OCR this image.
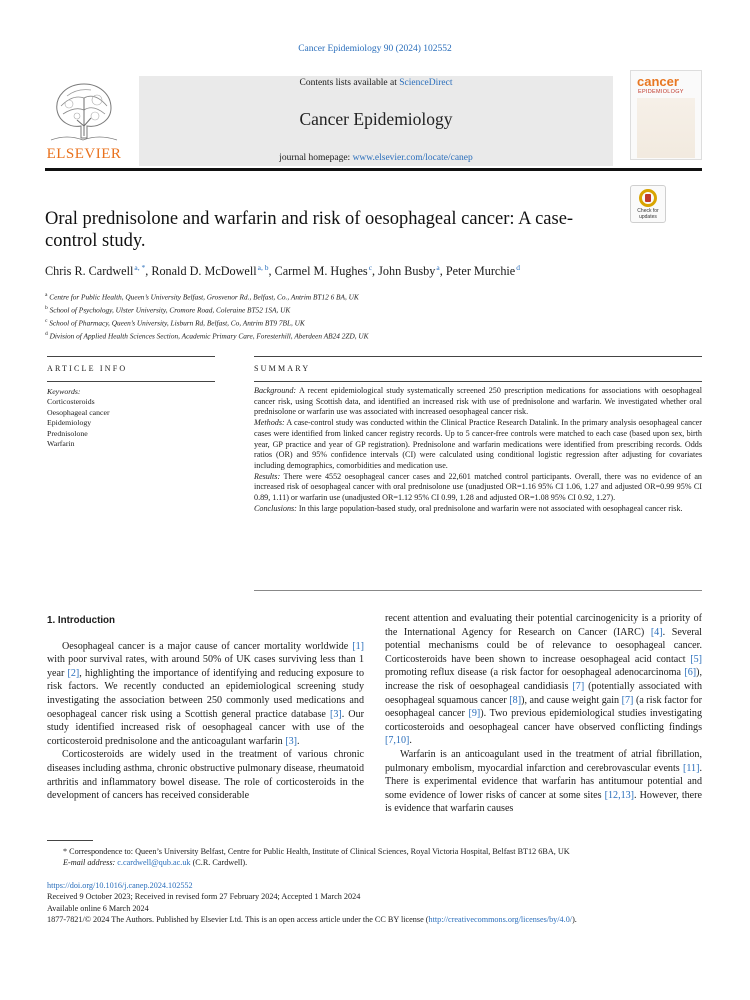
Cancer Epidemiology 90 (2024) 102552
ELSEVIER
Contents lists available at ScienceDirect
Cancer Epidemiology
journal homepage: www.elsevier.com/locate/canep
cancer
EPIDEMIOLOGY
Check for updates
Oral prednisolone and warfarin and risk of oesophageal cancer: A case-control study.
Chris R. Cardwell $^{a, *}$, Ronald D. McDowell $^{a, b}$, Carmel M. Hughes $^c$, John Busby $^a$, Peter Murchie $^d$
$^a$ Centre for Public Health, Queen’s University Belfast, Grosvenor Rd., Belfast, Co., Antrim BT12 6 BA, UK
$^b$ School of Psychology, Ulster University, Cromore Road, Coleraine BT52 1SA, UK
$^c$ School of Pharmacy, Queen’s University, Lisburn Rd, Belfast, Co, Antrim BT9 7BL, UK
$^d$ Division of Applied Health Sciences Section, Academic Primary Care, Foresterhill, Aberdeen AB24 2ZD, UK
ARTICLE INFO
Keywords:
Corticosteroids
Oesophageal cancer
Epidemiology
Prednisolone
Warfarin
SUMMARY

Background: A recent epidemiological study systematically screened 250 prescription medications for associations with oesophageal cancer risk, using Scottish data, and identified an increased risk with use of prednisolone and warfarin. We investigated whether oral prednisolone or warfarin use was associated with increased oesophageal cancer risk.

Methods: A case-control study was conducted within the Clinical Practice Research Datalink. In the primary analysis oesophageal cancer cases were identified from linked cancer registry records. Up to 5 cancer-free controls were matched to each case (based upon sex, birth year, GP practice and year of GP registration). Prednisolone and warfarin medications were identified from prescribing records. Odds ratios (OR) and 95% confidence intervals (CI) were calculated using conditional logistic regression after adjusting for covariates including demographics, comorbidities and medication use.

Results: There were 4552 oesophageal cancer cases and 22,601 matched control participants. Overall, there was no evidence of an increased risk of oesophageal cancer with oral prednisolone use (unadjusted OR=1.16 95% CI 1.06, 1.27 and adjusted OR=0.99 95% CI 0.89, 1.11) or warfarin use (unadjusted OR=1.12 95% CI 0.99, 1.28 and adjusted OR=1.08 95% CI 0.92, 1.27).

Conclusions: In this large population-based study, oral prednisolone and warfarin were not associated with oesophageal cancer risk.

1. Introduction

Oesophageal cancer is a major cause of cancer mortality worldwide [1] with poor survival rates, with around 50% of UK cases surviving less than 1 year [2], highlighting the importance of identifying and reducing exposure to risk factors. We recently conducted an epidemiological screening study investigating the association between 250 commonly used medications and oesophageal cancer risk using a Scottish general practice database [3]. Our study identified increased risk of oesophageal cancer with use of the corticosteroid prednisolone and the anticoagulant warfarin [3].

Corticosteroids are widely used in the treatment of various chronic diseases including asthma, chronic obstructive pulmonary disease, rheumatoid arthritis and inflammatory bowel disease. The role of corticosteroids in the development of cancers has received considerable

recent attention and evaluating their potential carcinogenicity is a priority of the International Agency for Research on Cancer (IARC) [4]. Several potential mechanisms could be of relevance to oesophageal cancer. Corticosteroids have been shown to increase oesophageal acid contact [5] promoting reflux disease (a risk factor for oesophageal adenocarcinoma [6]), increase the risk of oesophageal candidiasis [7] (potentially associated with oesophageal squamous cancer [8]), and cause weight gain [7] (a risk factor for oesophageal cancer [9]). Two previous epidemiological studies investigating corticosteroids and oesophageal cancer have observed conflicting findings [7,10].

Warfarin is an anticoagulant used in the treatment of atrial fibrillation, pulmonary embolism, myocardial infarction and cerebrovascular events [11]. There is experimental evidence that warfarin has antitumour potential and some evidence of lower risks of cancer at some sites [12,13]. However, there is evidence that warfarin causes

* Correspondence to: Queen’s University Belfast, Centre for Public Health, Institute of Clinical Sciences, Royal Victoria Hospital, Belfast BT12 6BA, UK
E-mail address: c.cardwell@qub.ac.uk (C.R. Cardwell).
https://doi.org/10.1016/j.canep.2024.102552
Received 9 October 2023; Received in revised form 27 February 2024; Accepted 1 March 2024
Available online 6 March 2024
1877-7821/© 2024 The Authors. Published by Elsevier Ltd. This is an open access article under the CC BY license (http://creativecommons.org/licenses/by/4.0/).
